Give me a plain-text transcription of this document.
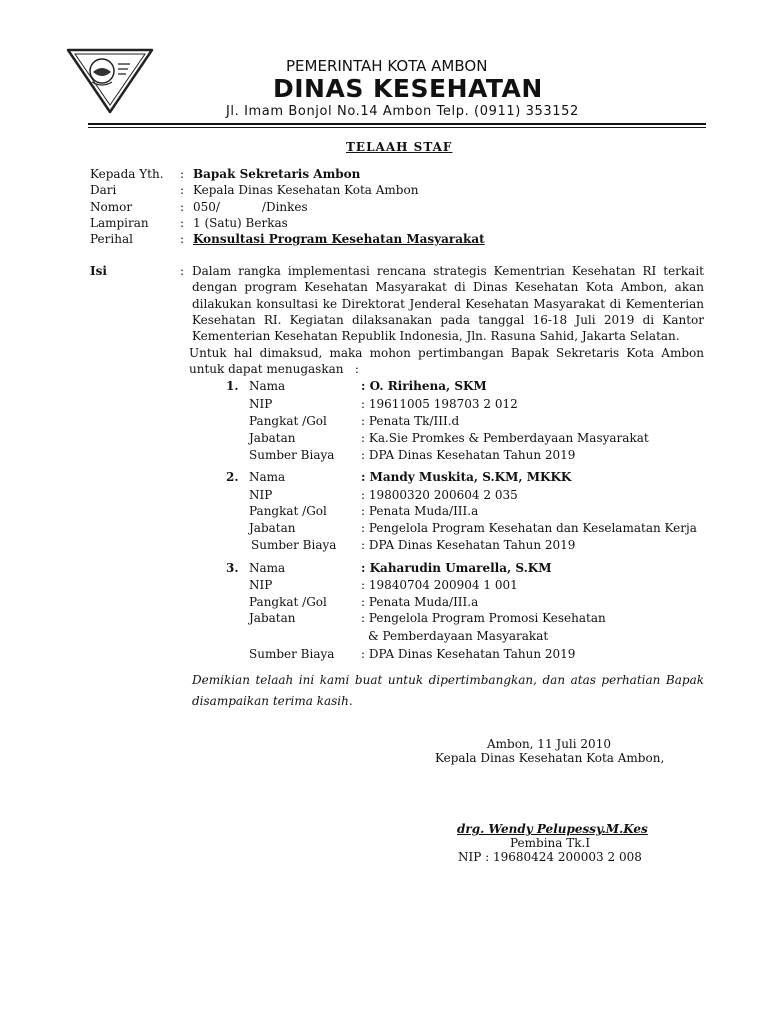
PEMERINTAH KOTA AMBON
DINAS KESEHATAN
Jl. Imam Bonjol No.14 Ambon Telp. (0911) 353152
TELAAH STAF
Kepada Yth. : Bapak Sekretaris Ambon
Dari	: Kepala Dinas Kesehatan Kota Ambon
Nomor	: 050/           /Dinkes
Lampiran	: 1 (Satu) Berkas
Perihal	: Konsultasi Program Kesehatan Masyarakat
Isi	: Dalam rangka implementasi rencana strategis Kementrian Kesehatan RI terkait
dengan program Kesehatan Masyarakat di Dinas Kesehatan Kota Ambon, akan
dilakukan konsultasi ke Direktorat Jenderal Kesehatan Masyarakat di Kementerian
Kesehatan RI. Kegiatan dilaksanakan pada tanggal 16-18 Juli 2019 di Kantor
Kementerian Kesehatan Republik Indonesia, Jln. Rasuna Sahid, Jakarta Selatan.
Untuk hal dimaksud, maka mohon pertimbangan Bapak Sekretaris Kota Ambon
untuk dapat menugaskan   :
1. Nama	: O. Ririhena, SKM
NIP	: 19611005 198703 2 012
Pangkat /Gol	: Penata Tk/III.d
Jabatan	: Ka.Sie Promkes & Pemberdayaan Masyarakat
Sumber Biaya : DPA Dinas Kesehatan Tahun 2019
2. Nama	: Mandy Muskita, S.KM, MKKK
NIP	: 19800320 200604 2 035
Pangkat /Gol	: Penata Muda/III.a
Jabatan	: Pengelola Program Kesehatan dan Keselamatan Kerja
Sumber Biaya : DPA Dinas Kesehatan Tahun 2019
3. Nama	: Kaharudin Umarella, S.KM
NIP	: 19840704 200904 1 001
Pangkat /Gol	: Penata Muda/III.a
Jabatan	: Pengelola Program Promosi Kesehatan
& Pemberdayaan Masyarakat
Sumber Biaya : DPA Dinas Kesehatan Tahun 2019
Demikian telaah ini kami buat untuk dipertimbangkan, dan atas perhatian Bapak
disampaikan terima kasih.
Ambon, 11 Juli 2010
Kepala Dinas Kesehatan Kota Ambon,
drg. Wendy Pelupessy.M.Kes
Pembina Tk.I
NIP : 19680424 200003 2 008
